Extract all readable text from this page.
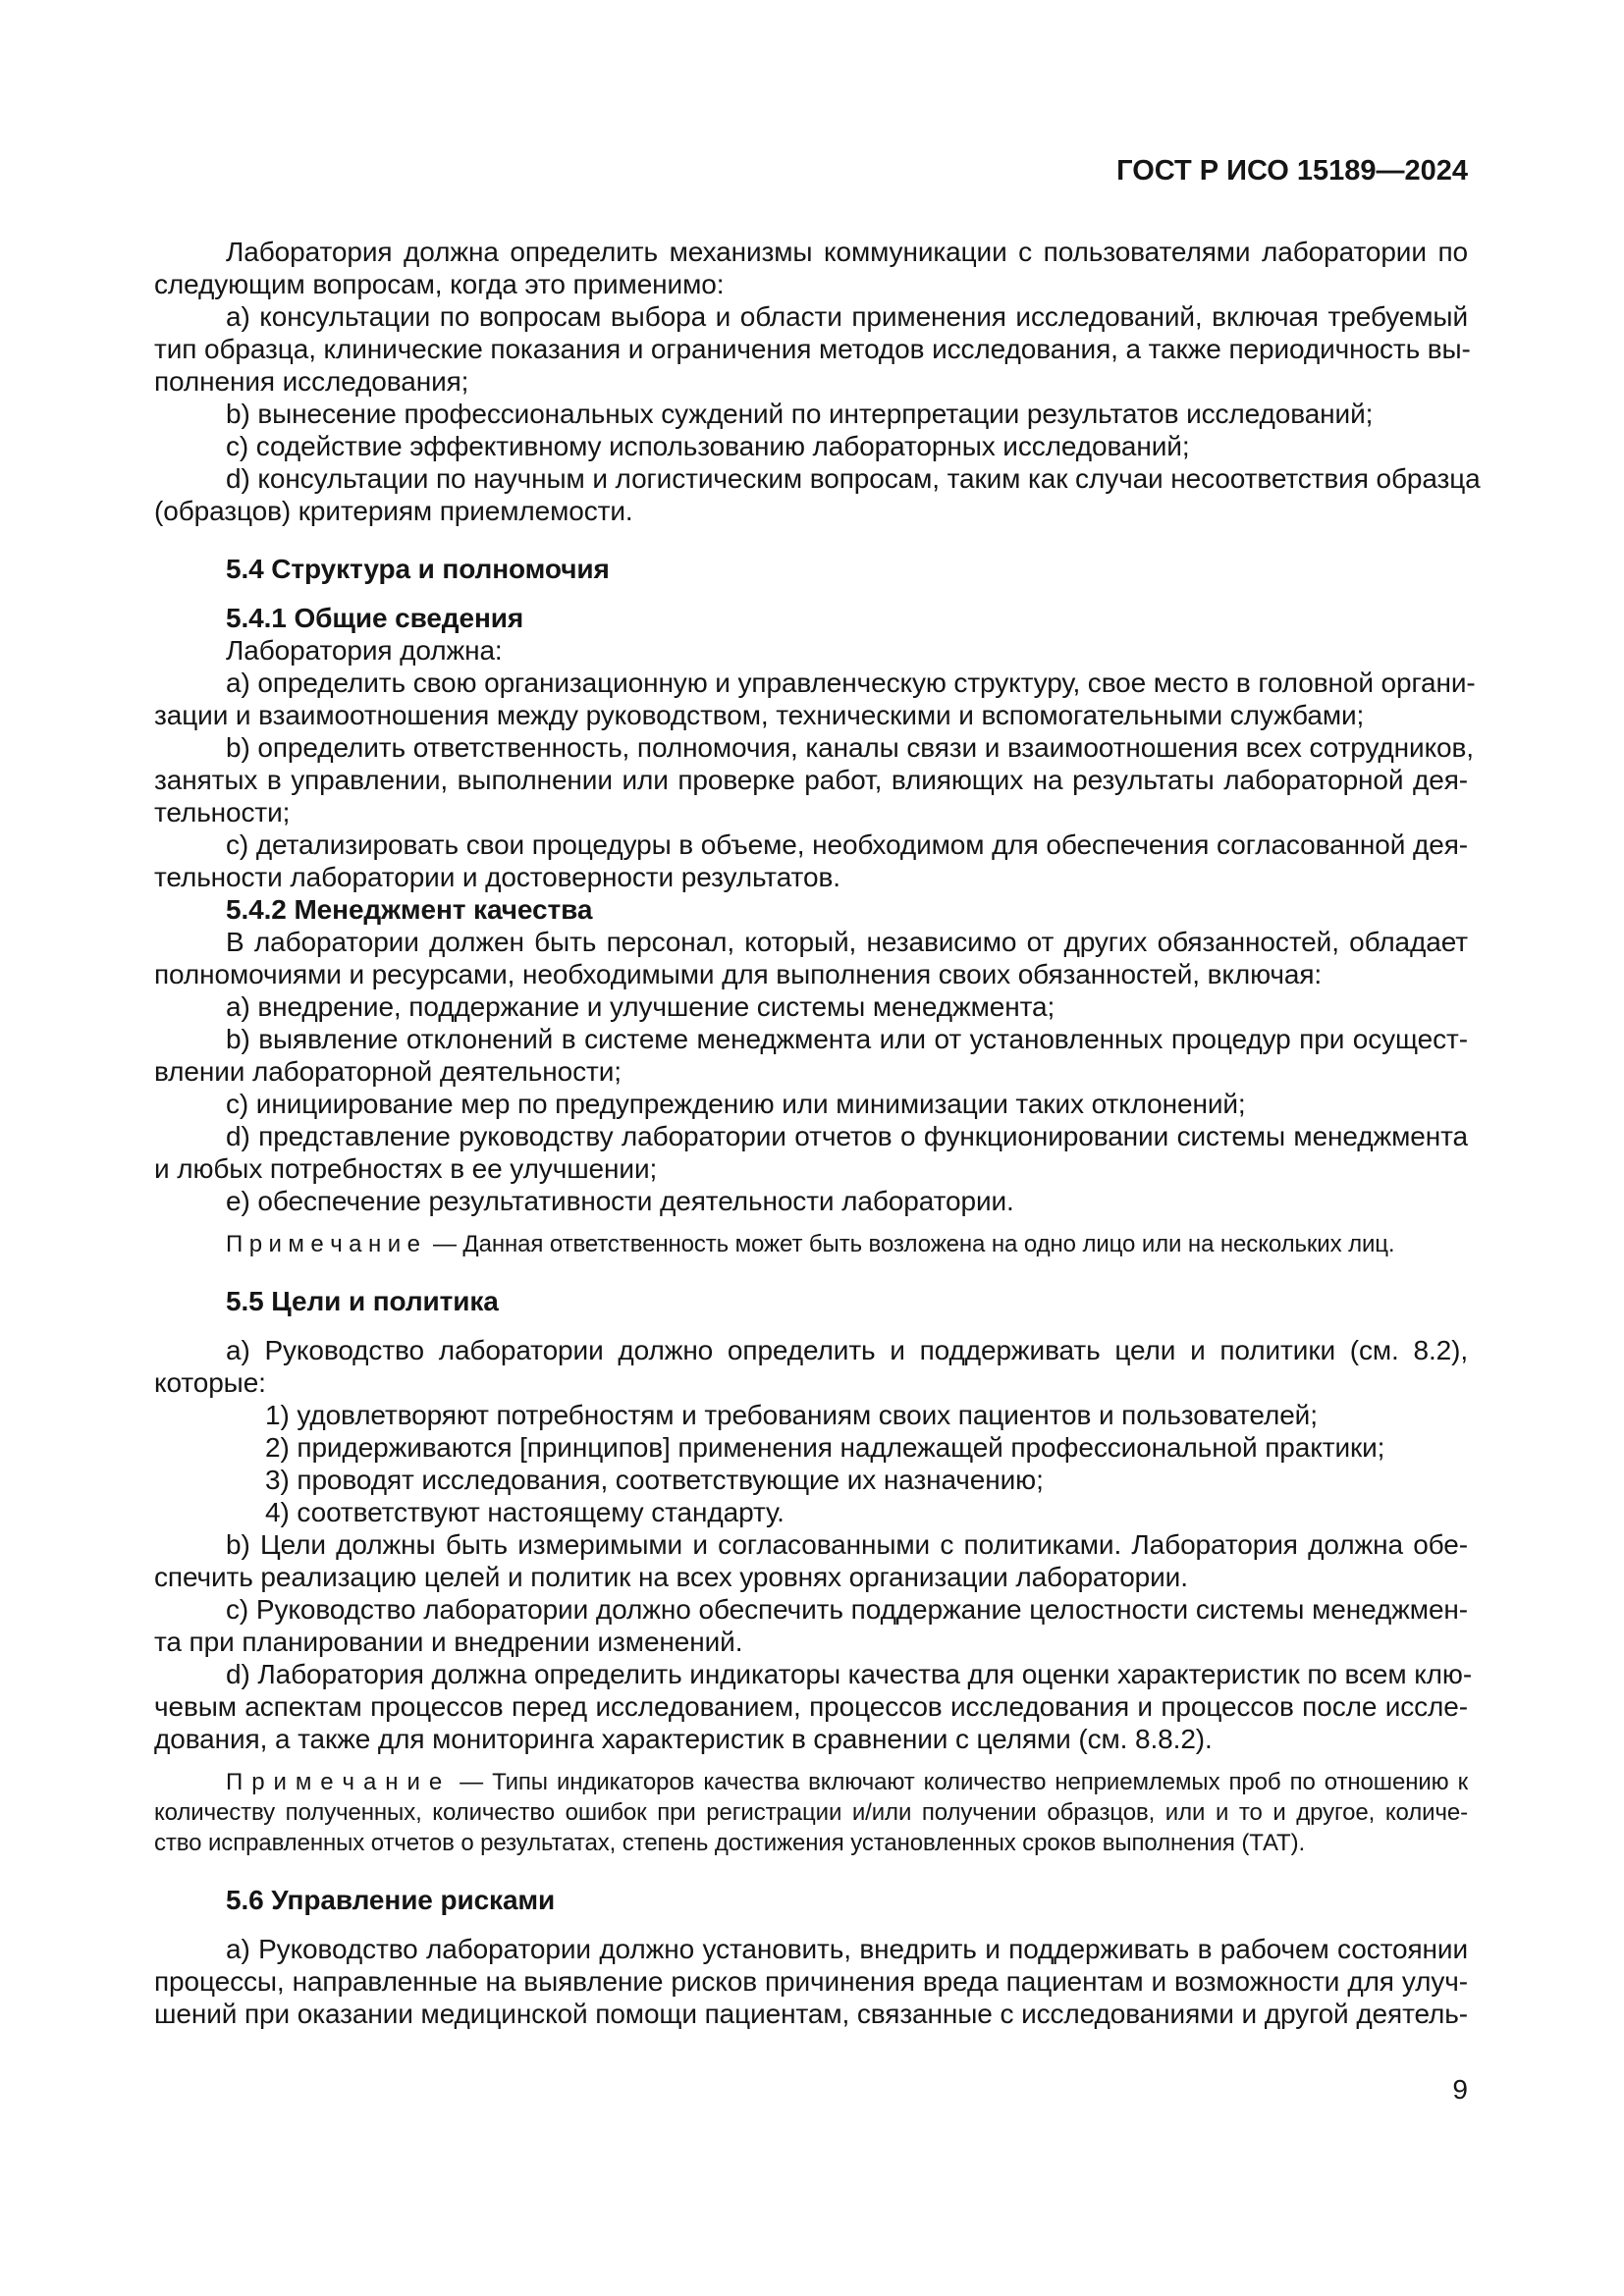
ГОСТ Р ИСО 15189—2024
Лаборатория должна определить механизмы коммуникации с пользователями лаборатории по
следующим вопросам, когда это применимо:
a) консультации по вопросам выбора и области применения исследований, включая требуемый
тип образца, клинические показания и ограничения методов исследования, а также периодичность вы-
полнения исследования;
b) вынесение профессиональных суждений по интерпретации результатов исследований;
c) содействие эффективному использованию лабораторных исследований;
d) консультации по научным и логистическим вопросам, таким как случаи несоответствия образца
(образцов) критериям приемлемости.
5.4 Структура и полномочия
5.4.1 Общие сведения
Лаборатория должна:
a) определить свою организационную и управленческую структуру, свое место в головной органи-
зации и взаимоотношения между руководством, техническими и вспомогательными службами;
b) определить ответственность, полномочия, каналы связи и взаимоотношения всех сотрудников,
занятых в управлении, выполнении или проверке работ, влияющих на результаты лабораторной дея-
тельности;
c) детализировать свои процедуры в объеме, необходимом для обеспечения согласованной дея-
тельности лаборатории и достоверности результатов.
5.4.2 Менеджмент качества
В лаборатории должен быть персонал, который, независимо от других обязанностей, обладает
полномочиями и ресурсами, необходимыми для выполнения своих обязанностей, включая:
a) внедрение, поддержание и улучшение системы менеджмента;
b) выявление отклонений в системе менеджмента или от установленных процедур при осущест-
влении лабораторной деятельности;
c) инициирование мер по предупреждению или минимизации таких отклонений;
d) представление руководству лаборатории отчетов о функционировании системы менеджмента
и любых потребностях в ее улучшении;
e) обеспечение результативности деятельности лаборатории.
П р и м е ч а н и е  — Данная ответственность может быть возложена на одно лицо или на нескольких лиц.
5.5 Цели и политика
a) Руководство лаборатории должно определить и поддерживать цели и политики (см. 8.2),
которые:
1) удовлетворяют потребностям и требованиям своих пациентов и пользователей;
2) придерживаются [принципов] применения надлежащей профессиональной практики;
3) проводят исследования, соответствующие их назначению;
4) соответствуют настоящему стандарту.
b) Цели должны быть измеримыми и согласованными с политиками. Лаборатория должна обе-
спечить реализацию целей и политик на всех уровнях организации лаборатории.
c) Руководство лаборатории должно обеспечить поддержание целостности системы менеджмен-
та при планировании и внедрении изменений.
d) Лаборатория должна определить индикаторы качества для оценки характеристик по всем клю-
чевым аспектам процессов перед исследованием, процессов исследования и процессов после иссле-
дования, а также для мониторинга характеристик в сравнении с целями (см. 8.8.2).
П р и м е ч а н и е  — Типы индикаторов качества включают количество неприемлемых проб по отношению к
количеству полученных, количество ошибок при регистрации и/или получении образцов, или и то и другое, количе-
ство исправленных отчетов о результатах, степень достижения установленных сроков выполнения (ТАТ).
5.6 Управление рисками
a) Руководство лаборатории должно установить, внедрить и поддерживать в рабочем состоянии
процессы, направленные на выявление рисков причинения вреда пациентам и возможности для улуч-
шений при оказании медицинской помощи пациентам, связанные с исследованиями и другой деятель-
9
